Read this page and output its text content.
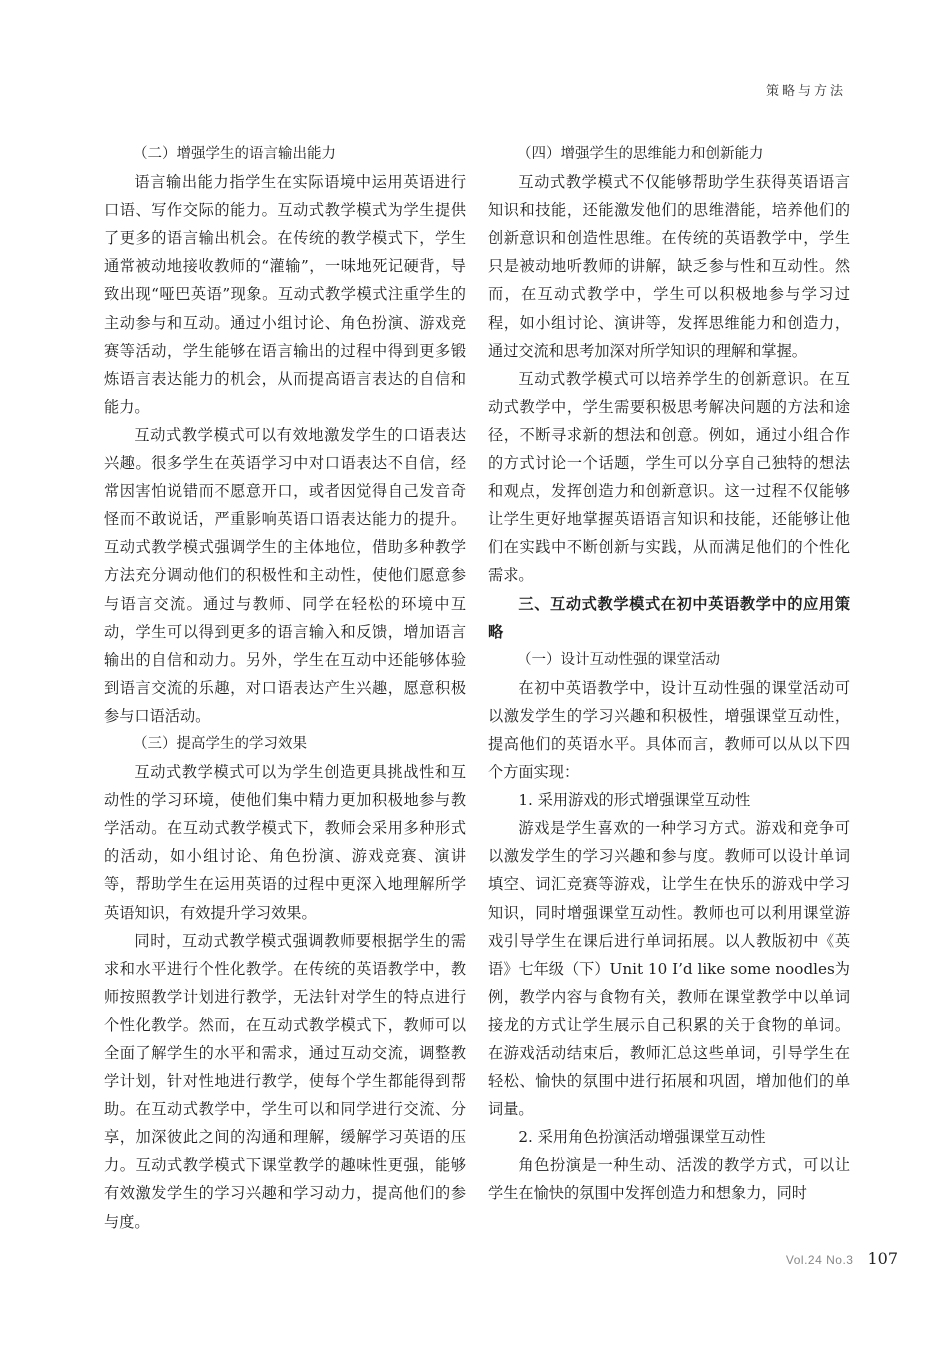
策略与方法
（二）增强学生的语言输出能力

语言输出能力指学生在实际语境中运用英语进行口语、写作交际的能力。互动式教学模式为学生提供了更多的语言输出机会。在传统的教学模式下，学生通常被动地接收教师的“灌输”，一味地死记硬背，导致出现“哑巴英语”现象。互动式教学模式注重学生的主动参与和互动。通过小组讨论、角色扮演、游戏竞赛等活动，学生能够在语言输出的过程中得到更多锻炼语言表达能力的机会，从而提高语言表达的自信和能力。

互动式教学模式可以有效地激发学生的口语表达兴趣。很多学生在英语学习中对口语表达不自信，经常因害怕说错而不愿意开口，或者因觉得自己发音奇怪而不敢说话，严重影响英语口语表达能力的提升。互动式教学模式强调学生的主体地位，借助多种教学方法充分调动他们的积极性和主动性，使他们愿意参与语言交流。通过与教师、同学在轻松的环境中互动，学生可以得到更多的语言输入和反馈，增加语言输出的自信和动力。另外，学生在互动中还能够体验到语言交流的乐趣，对口语表达产生兴趣，愿意积极参与口语活动。

（三）提高学生的学习效果

互动式教学模式可以为学生创造更具挑战性和互动性的学习环境，使他们集中精力更加积极地参与教学活动。在互动式教学模式下，教师会采用多种形式的活动，如小组讨论、角色扮演、游戏竞赛、演讲等，帮助学生在运用英语的过程中更深入地理解所学英语知识，有效提升学习效果。

同时，互动式教学模式强调教师要根据学生的需求和水平进行个性化教学。在传统的英语教学中，教师按照教学计划进行教学，无法针对学生的特点进行个性化教学。然而，在互动式教学模式下，教师可以全面了解学生的水平和需求，通过互动交流，调整教学计划，针对性地进行教学，使每个学生都能得到帮助。在互动式教学中，学生可以和同学进行交流、分享，加深彼此之间的沟通和理解，缓解学习英语的压力。互动式教学模式下课堂教学的趣味性更强，能够有效激发学生的学习兴趣和学习动力，提高他们的参与度。

（四）增强学生的思维能力和创新能力

互动式教学模式不仅能够帮助学生获得英语语言知识和技能，还能激发他们的思维潜能，培养他们的创新意识和创造性思维。在传统的英语教学中，学生只是被动地听教师的讲解，缺乏参与性和互动性。然而，在互动式教学中，学生可以积极地参与学习过程，如小组讨论、演讲等，发挥思维能力和创造力，通过交流和思考加深对所学知识的理解和掌握。

互动式教学模式可以培养学生的创新意识。在互动式教学中，学生需要积极思考解决问题的方法和途径，不断寻求新的想法和创意。例如，通过小组合作的方式讨论一个话题，学生可以分享自己独特的想法和观点，发挥创造力和创新意识。这一过程不仅能够让学生更好地掌握英语语言知识和技能，还能够让他们在实践中不断创新与实践，从而满足他们的个性化需求。

三、互动式教学模式在初中英语教学中的应用策略
（一）设计互动性强的课堂活动

在初中英语教学中，设计互动性强的课堂活动可以激发学生的学习兴趣和积极性，增强课堂互动性，提高他们的英语水平。具体而言，教师可以从以下四个方面实现：

1. 采用游戏的形式增强课堂互动性

游戏是学生喜欢的一种学习方式。游戏和竞争可以激发学生的学习兴趣和参与度。教师可以设计单词填空、词汇竞赛等游戏，让学生在快乐的游戏中学习知识，同时增强课堂互动性。教师也可以利用课堂游戏引导学生在课后进行单词拓展。以人教版初中《英语》七年级（下）Unit 10 I’d like some noodles为例，教学内容与食物有关，教师在课堂教学中以单词接龙的方式让学生展示自己积累的关于食物的单词。在游戏活动结束后，教师汇总这些单词，引导学生在轻松、愉快的氛围中进行拓展和巩固，增加他们的单词量。

2. 采用角色扮演活动增强课堂互动性

角色扮演是一种生动、活泼的教学方式，可以让学生在愉快的氛围中发挥创造力和想象力，同时

Vol.24 No.3 107
